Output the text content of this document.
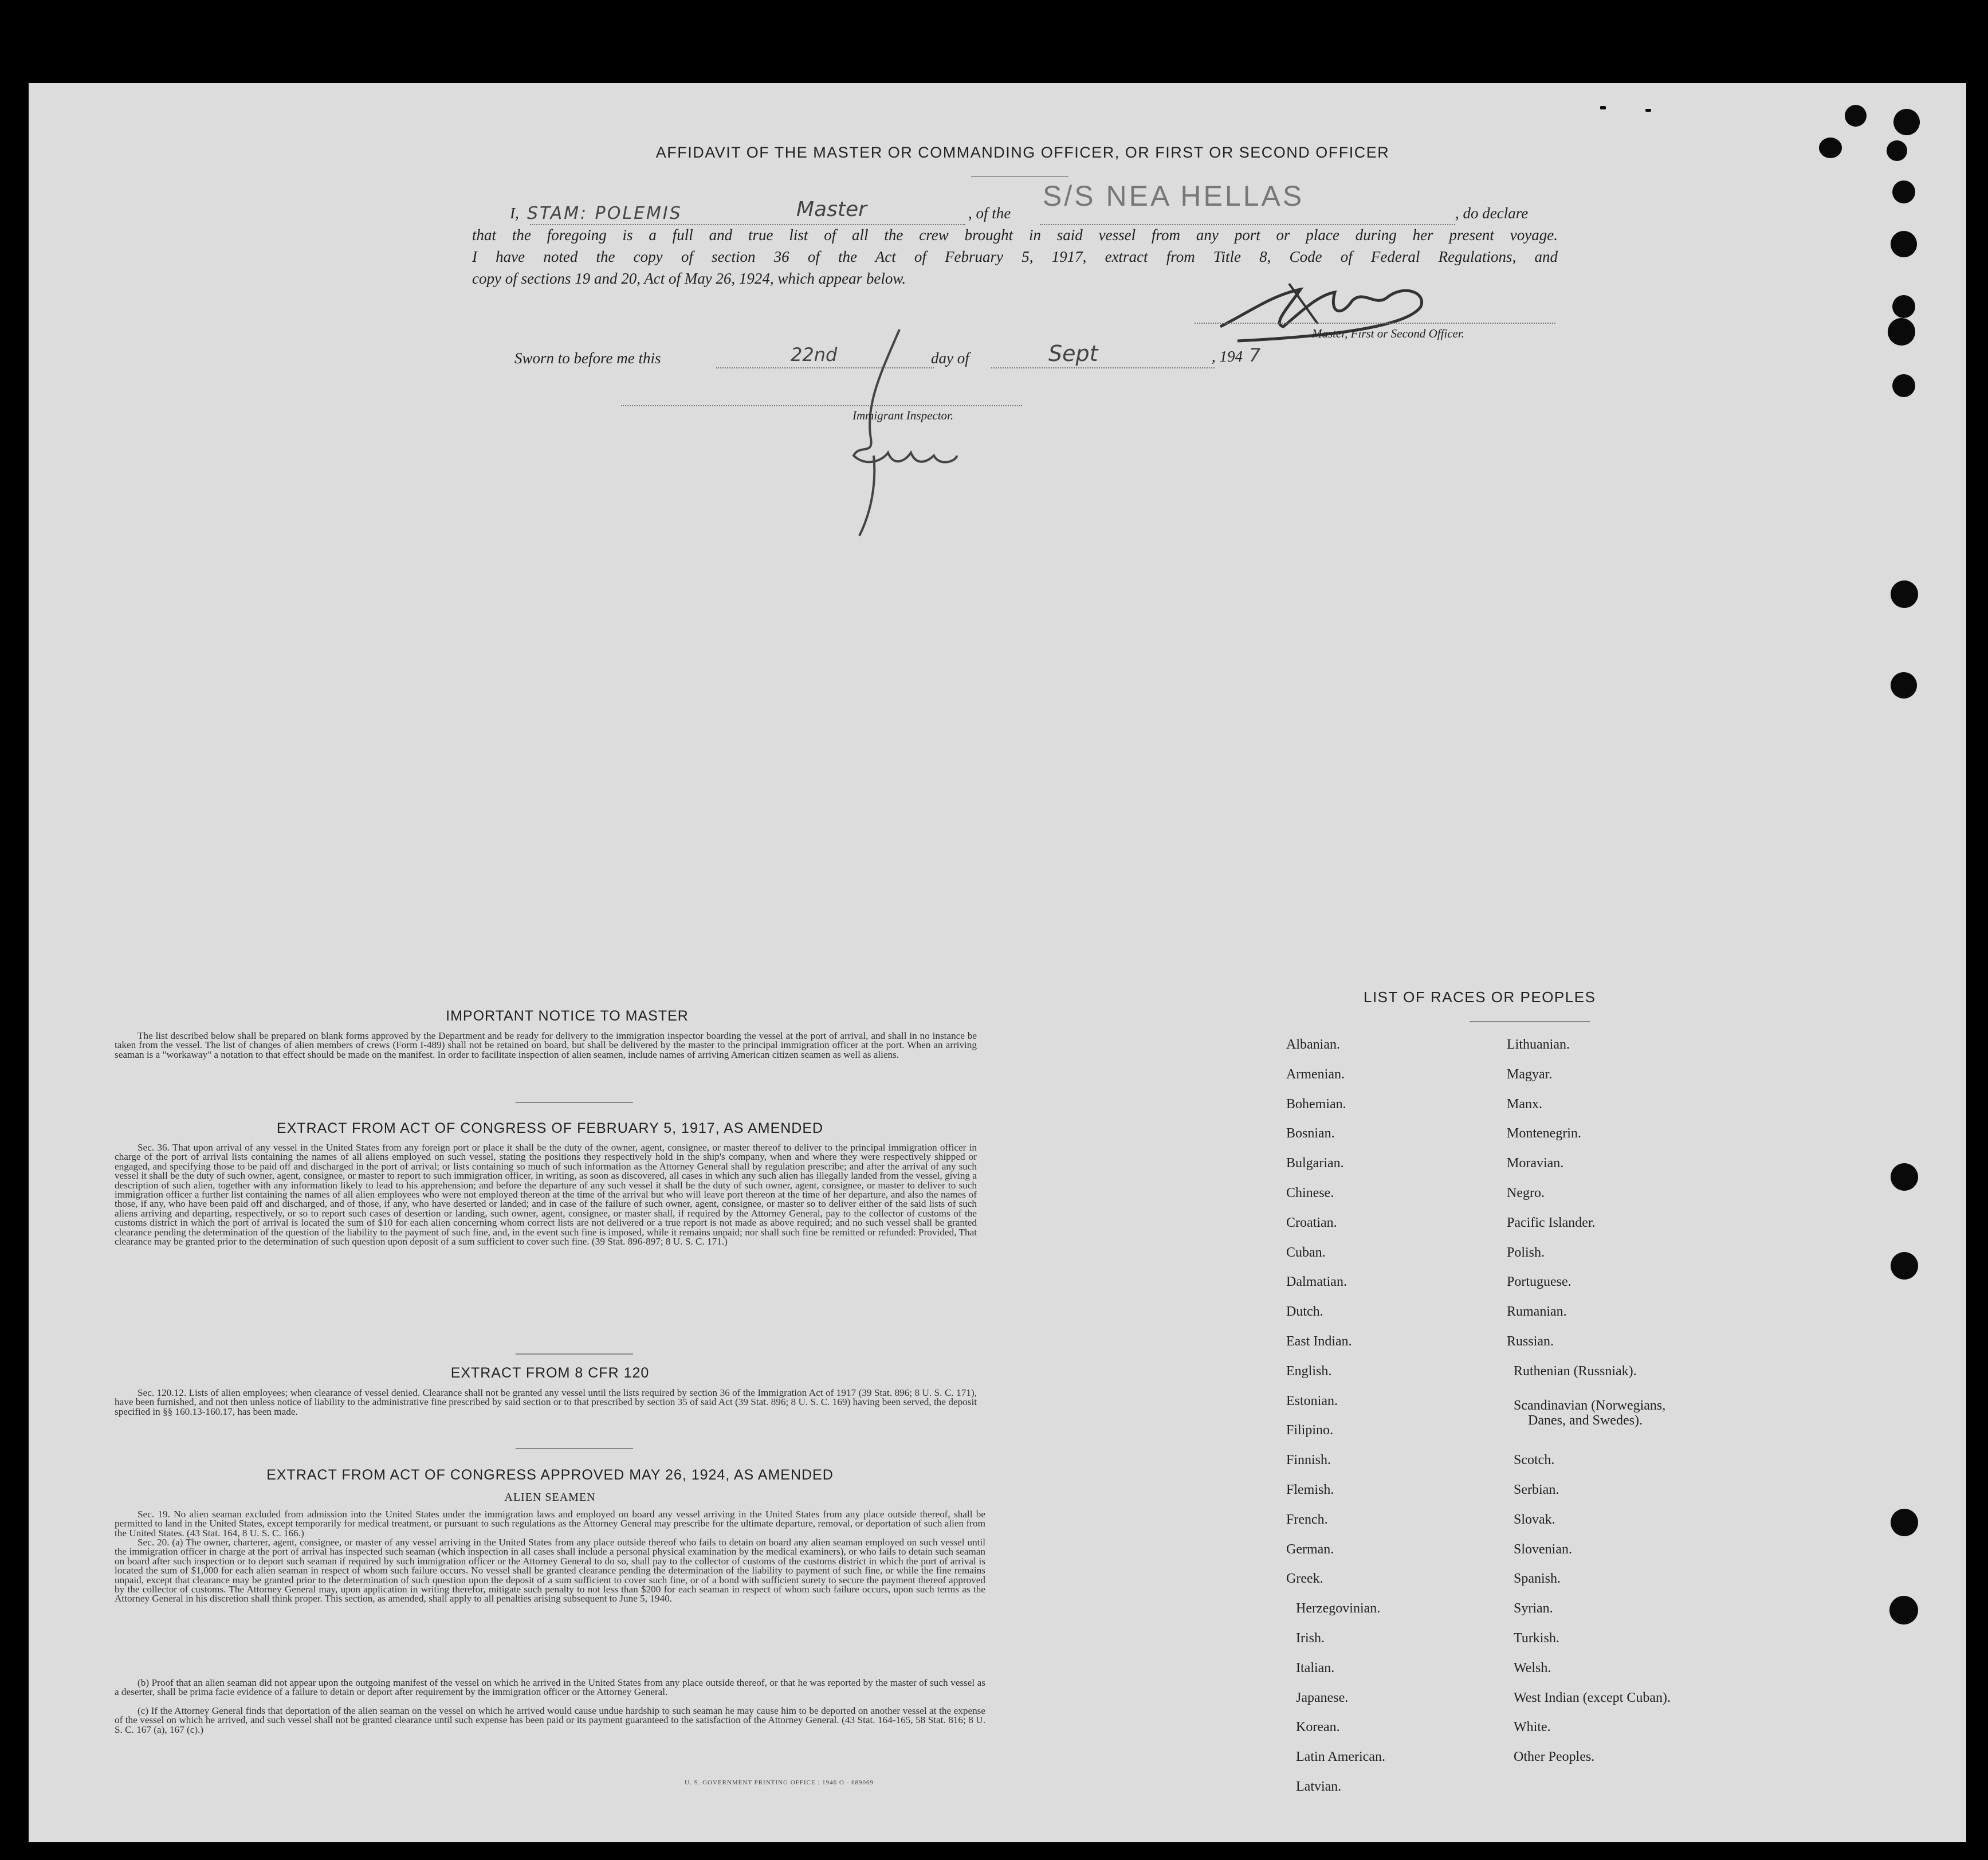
AFFIDAVIT OF THE MASTER OR COMMANDING OFFICER, OR FIRST OR SECOND OFFICER
I, STAM: POLEMIS	Master	, of the
S/S NEA HELLAS
, do declare
that the foregoing is a full and true list of all the crew brought in said vessel from any port or place during her present voyage.
I have noted the copy of section 36 of the Act of February 5, 1917, extract from Title 8, Code of Federal Regulations, and
copy of sections 19 and 20, Act of May 26, 1924, which appear below.
Master, First or Second Officer.
Sworn to before me this	22nd	day of	Sept	, 194 7
Immigrant Inspector.
IMPORTANT NOTICE TO MASTER
The list described below shall be prepared on blank forms approved by the Department and be ready for delivery to the immigration inspector boarding the vessel at the port of arrival, and shall in no instance be taken from the vessel. The list of changes of alien members of crews (Form I-489) shall not be retained on board, but shall be delivered by the master to the principal immigration officer at the port. When an arriving seaman is a "workaway" a notation to that effect should be made on the manifest. In order to facilitate inspection of alien seamen, include names of arriving American citizen seamen as well as aliens.
EXTRACT FROM ACT OF CONGRESS OF FEBRUARY 5, 1917, AS AMENDED
Sec. 36. That upon arrival of any vessel in the United States from any foreign port or place it shall be the duty of the owner, agent, consignee, or master thereof to deliver to the principal immigration officer in charge of the port of arrival lists containing the names of all aliens employed on such vessel, stating the positions they respectively hold in the ship's company, when and where they were respectively shipped or engaged, and specifying those to be paid off and discharged in the port of arrival; or lists containing so much of such information as the Attorney General shall by regulation prescribe; and after the arrival of any such vessel it shall be the duty of such owner, agent, consignee, or master to report to such immigration officer, in writing, as soon as discovered, all cases in which any such alien has illegally landed from the vessel, giving a description of such alien, together with any information likely to lead to his apprehension; and before the departure of any such vessel it shall be the duty of such owner, agent, consignee, or master to deliver to such immigration officer a further list containing the names of all alien employees who were not employed thereon at the time of the arrival but who will leave port thereon at the time of her departure, and also the names of those, if any, who have been paid off and discharged, and of those, if any, who have deserted or landed; and in case of the failure of such owner, agent, consignee, or master so to deliver either of the said lists of such aliens arriving and departing, respectively, or so to report such cases of desertion or landing, such owner, agent, consignee, or master shall, if required by the Attorney General, pay to the collector of customs of the customs district in which the port of arrival is located the sum of $10 for each alien concerning whom correct lists are not delivered or a true report is not made as above required; and no such vessel shall be granted clearance pending the determination of the question of the liability to the payment of such fine, and, in the event such fine is imposed, while it remains unpaid; nor shall such fine be remitted or refunded: Provided, That clearance may be granted prior to the determination of such question upon deposit of a sum sufficient to cover such fine. (39 Stat. 896-897; 8 U. S. C. 171.)
EXTRACT FROM 8 CFR 120
Sec. 120.12. Lists of alien employees; when clearance of vessel denied. Clearance shall not be granted any vessel until the lists required by section 36 of the Immigration Act of 1917 (39 Stat. 896; 8 U. S. C. 171), have been furnished, and not then unless notice of liability to the administrative fine prescribed by said section or to that prescribed by section 35 of said Act (39 Stat. 896; 8 U. S. C. 169) having been served, the deposit specified in §§ 160.13-160.17, has been made.
EXTRACT FROM ACT OF CONGRESS APPROVED MAY 26, 1924, AS AMENDED
ALIEN SEAMEN
Sec. 19. No alien seaman excluded from admission into the United States under the immigration laws and employed on board any vessel arriving in the United States from any place outside thereof, shall be permitted to land in the United States, except temporarily for medical treatment, or pursuant to such regulations as the Attorney General may prescribe for the ultimate departure, removal, or deportation of such alien from the United States. (43 Stat. 164, 8 U. S. C. 166.)
Sec. 20. (a) The owner, charterer, agent, consignee, or master of any vessel arriving in the United States from any place outside thereof who fails to detain on board any alien seaman employed on such vessel until the immigration officer in charge at the port of arrival has inspected such seaman (which inspection in all cases shall include a personal physical examination by the medical examiners), or who fails to detain such seaman on board after such inspection or to deport such seaman if required by such immigration officer or the Attorney General to do so, shall pay to the collector of customs of the customs district in which the port of arrival is located the sum of $1,000 for each alien seaman in respect of whom such failure occurs. No vessel shall be granted clearance pending the determination of the liability to payment of such fine, or while the fine remains unpaid, except that clearance may be granted prior to the determination of such question upon the deposit of a sum sufficient to cover such fine, or of a bond with sufficient surety to secure the payment thereof approved by the collector of customs. The Attorney General may, upon application in writing therefor, mitigate such penalty to not less than $200 for each seaman in respect of whom such failure occurs, upon such terms as the Attorney General in his discretion shall think proper. This section, as amended, shall apply to all penalties arising subsequent to June 5, 1940.
(b) Proof that an alien seaman did not appear upon the outgoing manifest of the vessel on which he arrived in the United States from any place outside thereof, or that he was reported by the master of such vessel as a deserter, shall be prima facie evidence of a failure to detain or deport after requirement by the immigration officer or the Attorney General.
(c) If the Attorney General finds that deportation of the alien seaman on the vessel on which he arrived would cause undue hardship to such seaman he may cause him to be deported on another vessel at the expense of the vessel on which he arrived, and such vessel shall not be granted clearance until such expense has been paid or its payment guaranteed to the satisfaction of the Attorney General. (43 Stat. 164-165, 58 Stat. 816; 8 U. S. C. 167 (a), 167 (c).)
U. S. GOVERNMENT PRINTING OFFICE : 1946 O - 689069
LIST OF RACES OR PEOPLES
Albanian.
Armenian.
Bohemian.
Bosnian.
Bulgarian.
Chinese.
Croatian.
Cuban.
Dalmatian.
Dutch.
East Indian.
English.
Estonian.
Filipino.
Finnish.
Flemish.
French.
German.
Greek.
Herzegovinian.
Irish.
Italian.
Japanese.
Korean.
Latin American.
Latvian.
Lithuanian.
Magyar.
Manx.
Montenegrin.
Moravian.
Negro.
Pacific Islander.
Polish.
Portuguese.
Rumanian.
Russian.
Ruthenian (Russniak).
Scandinavian (Norwegians,
Danes, and Swedes).
Scotch.
Serbian.
Slovak.
Slovenian.
Spanish.
Syrian.
Turkish.
Welsh.
West Indian (except Cuban).
White.
Other Peoples.
